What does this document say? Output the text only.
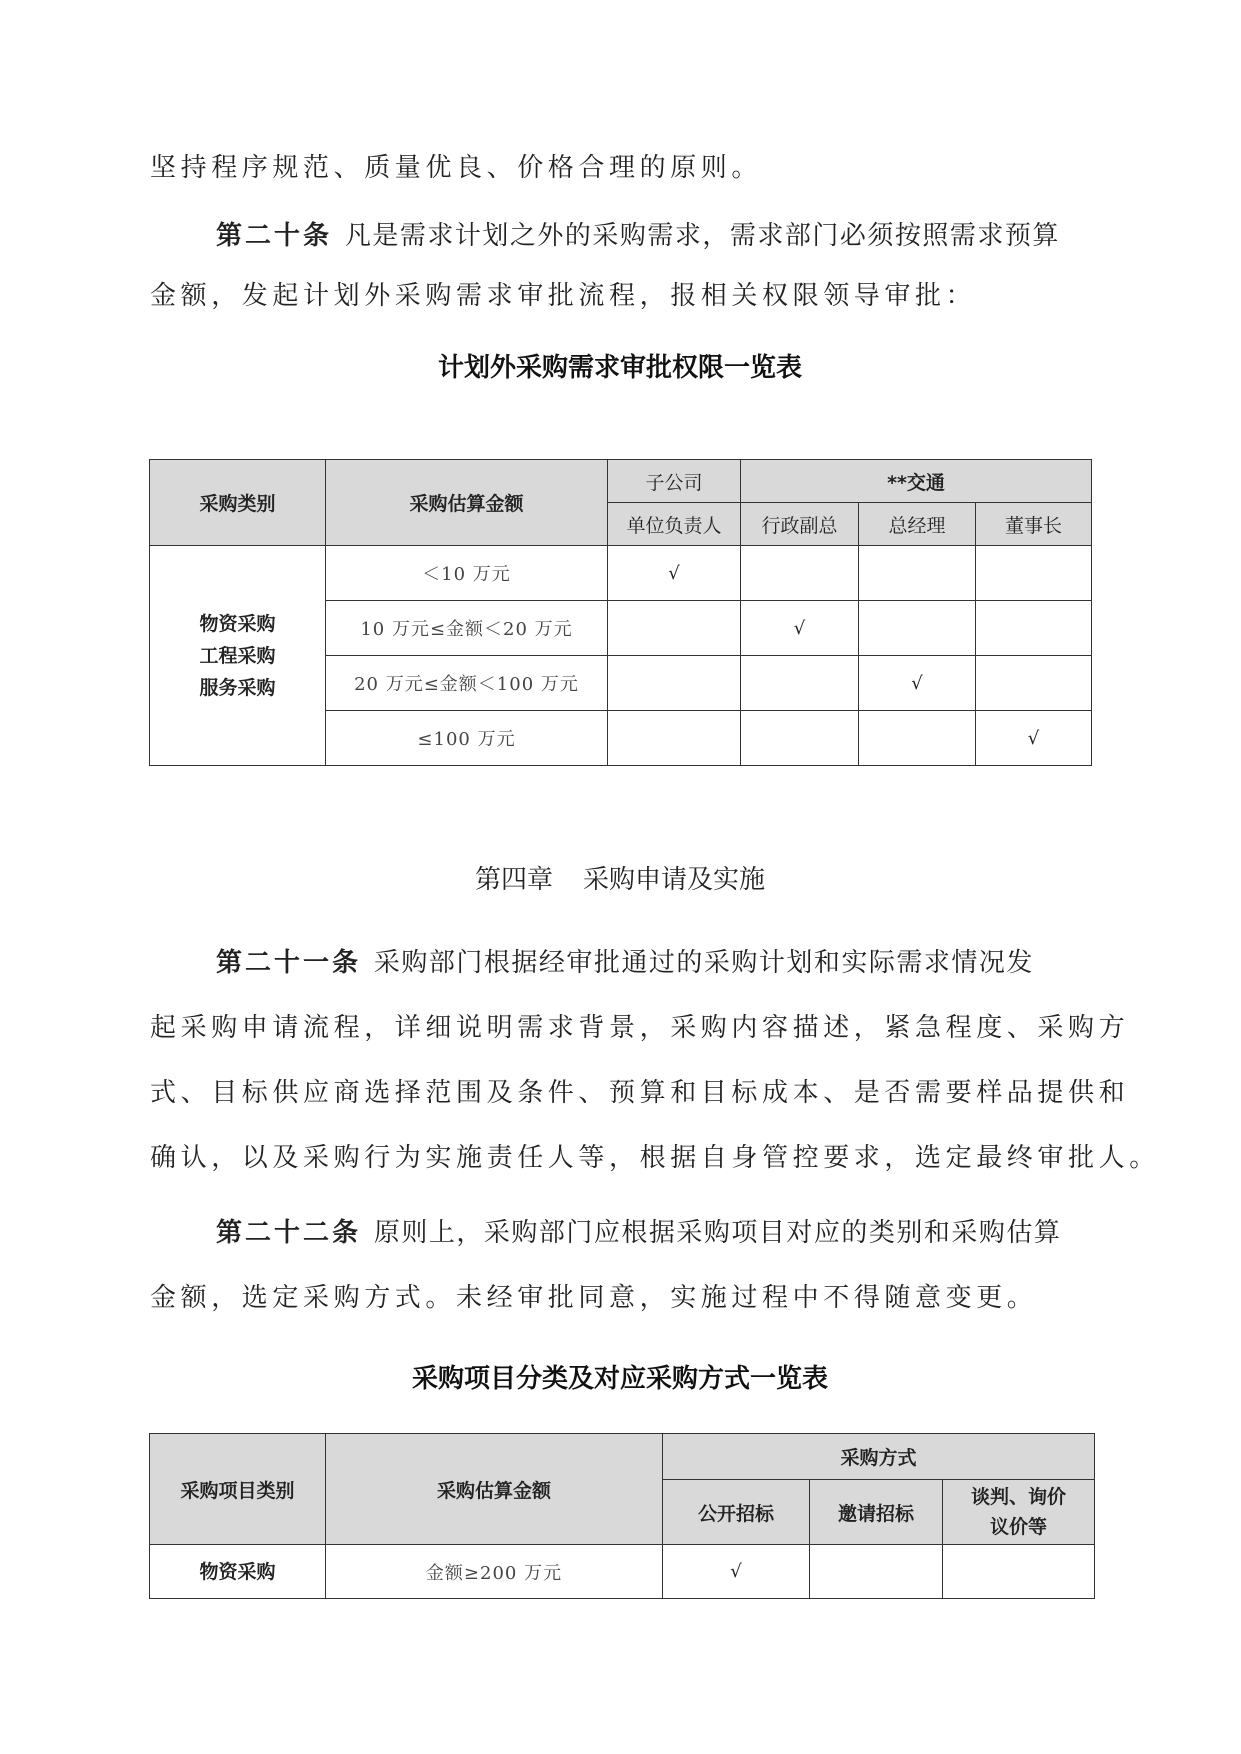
坚持程序规范、质量优良、价格合理的原则。
第二十条 凡是需求计划之外的采购需求，需求部门必须按照需求预算
金额，发起计划外采购需求审批流程，报相关权限领导审批：
计划外采购需求审批权限一览表
采购类别	采购估算金额	子公司	**交通		
		单位负责人	行政副总	总经理	董事长

物资采购
工程采购
服务采购	＜10 万元	√			
	10 万元≤金额＜20 万元		√		
	20 万元≤金额＜100 万元			√	
	≤100 万元				√
第四章 采购申请及实施
第二十一条 采购部门根据经审批通过的采购计划和实际需求情况发
起采购申请流程，详细说明需求背景，采购内容描述，紧急程度、采购方
式、目标供应商选择范围及条件、预算和目标成本、是否需要样品提供和
确认，以及采购行为实施责任人等，根据自身管控要求，选定最终审批人。
第二十二条 原则上，采购部门应根据采购项目对应的类别和采购估算
金额，选定采购方式。未经审批同意，实施过程中不得随意变更。
采购项目分类及对应采购方式一览表
采购项目类别	采购估算金额	采购方式		
		公开招标	邀请招标	谈判、询价
议价等

物资采购	金额≥200 万元	√		
